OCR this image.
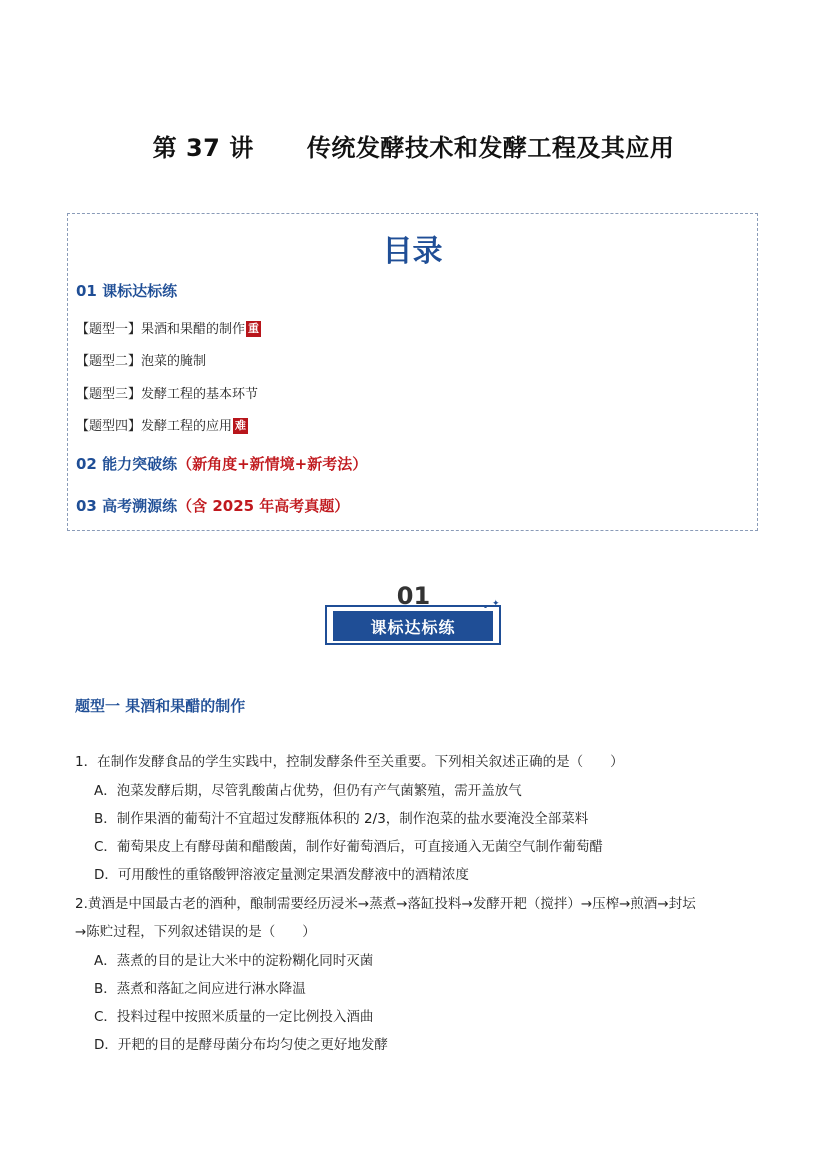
第 37 讲      传统发酵技术和发酵工程及其应用
目录
01 课标达标练
【题型一】果酒和果醋的制作 重
【题型二】泡菜的腌制
【题型三】发酵工程的基本环节
【题型四】发酵工程的应用 难
02 能力突破练（新角度+新情境+新考法）
03 高考溯源练（含 2025 年高考真题）
01
课标达标练
✦
题型一 果酒和果醋的制作
1．在制作发酵食品的学生实践中，控制发酵条件至关重要。下列相关叙述正确的是（　　）
A．泡菜发酵后期，尽管乳酸菌占优势，但仍有产气菌繁殖，需开盖放气
B．制作果酒的葡萄汁不宜超过发酵瓶体积的 2/3，制作泡菜的盐水要淹没全部菜料
C．葡萄果皮上有酵母菌和醋酸菌，制作好葡萄酒后，可直接通入无菌空气制作葡萄醋
D．可用酸性的重铬酸钾溶液定量测定果酒发酵液中的酒精浓度
2.黄酒是中国最古老的酒种，酿制需要经历浸米→蒸煮→落缸投料→发酵开耙（搅拌）→压榨→煎酒→封坛
→陈贮过程，下列叙述错误的是（　　）
A．蒸煮的目的是让大米中的淀粉糊化同时灭菌
B．蒸煮和落缸之间应进行淋水降温
C．投料过程中按照米质量的一定比例投入酒曲
D．开耙的目的是酵母菌分布均匀使之更好地发酵
